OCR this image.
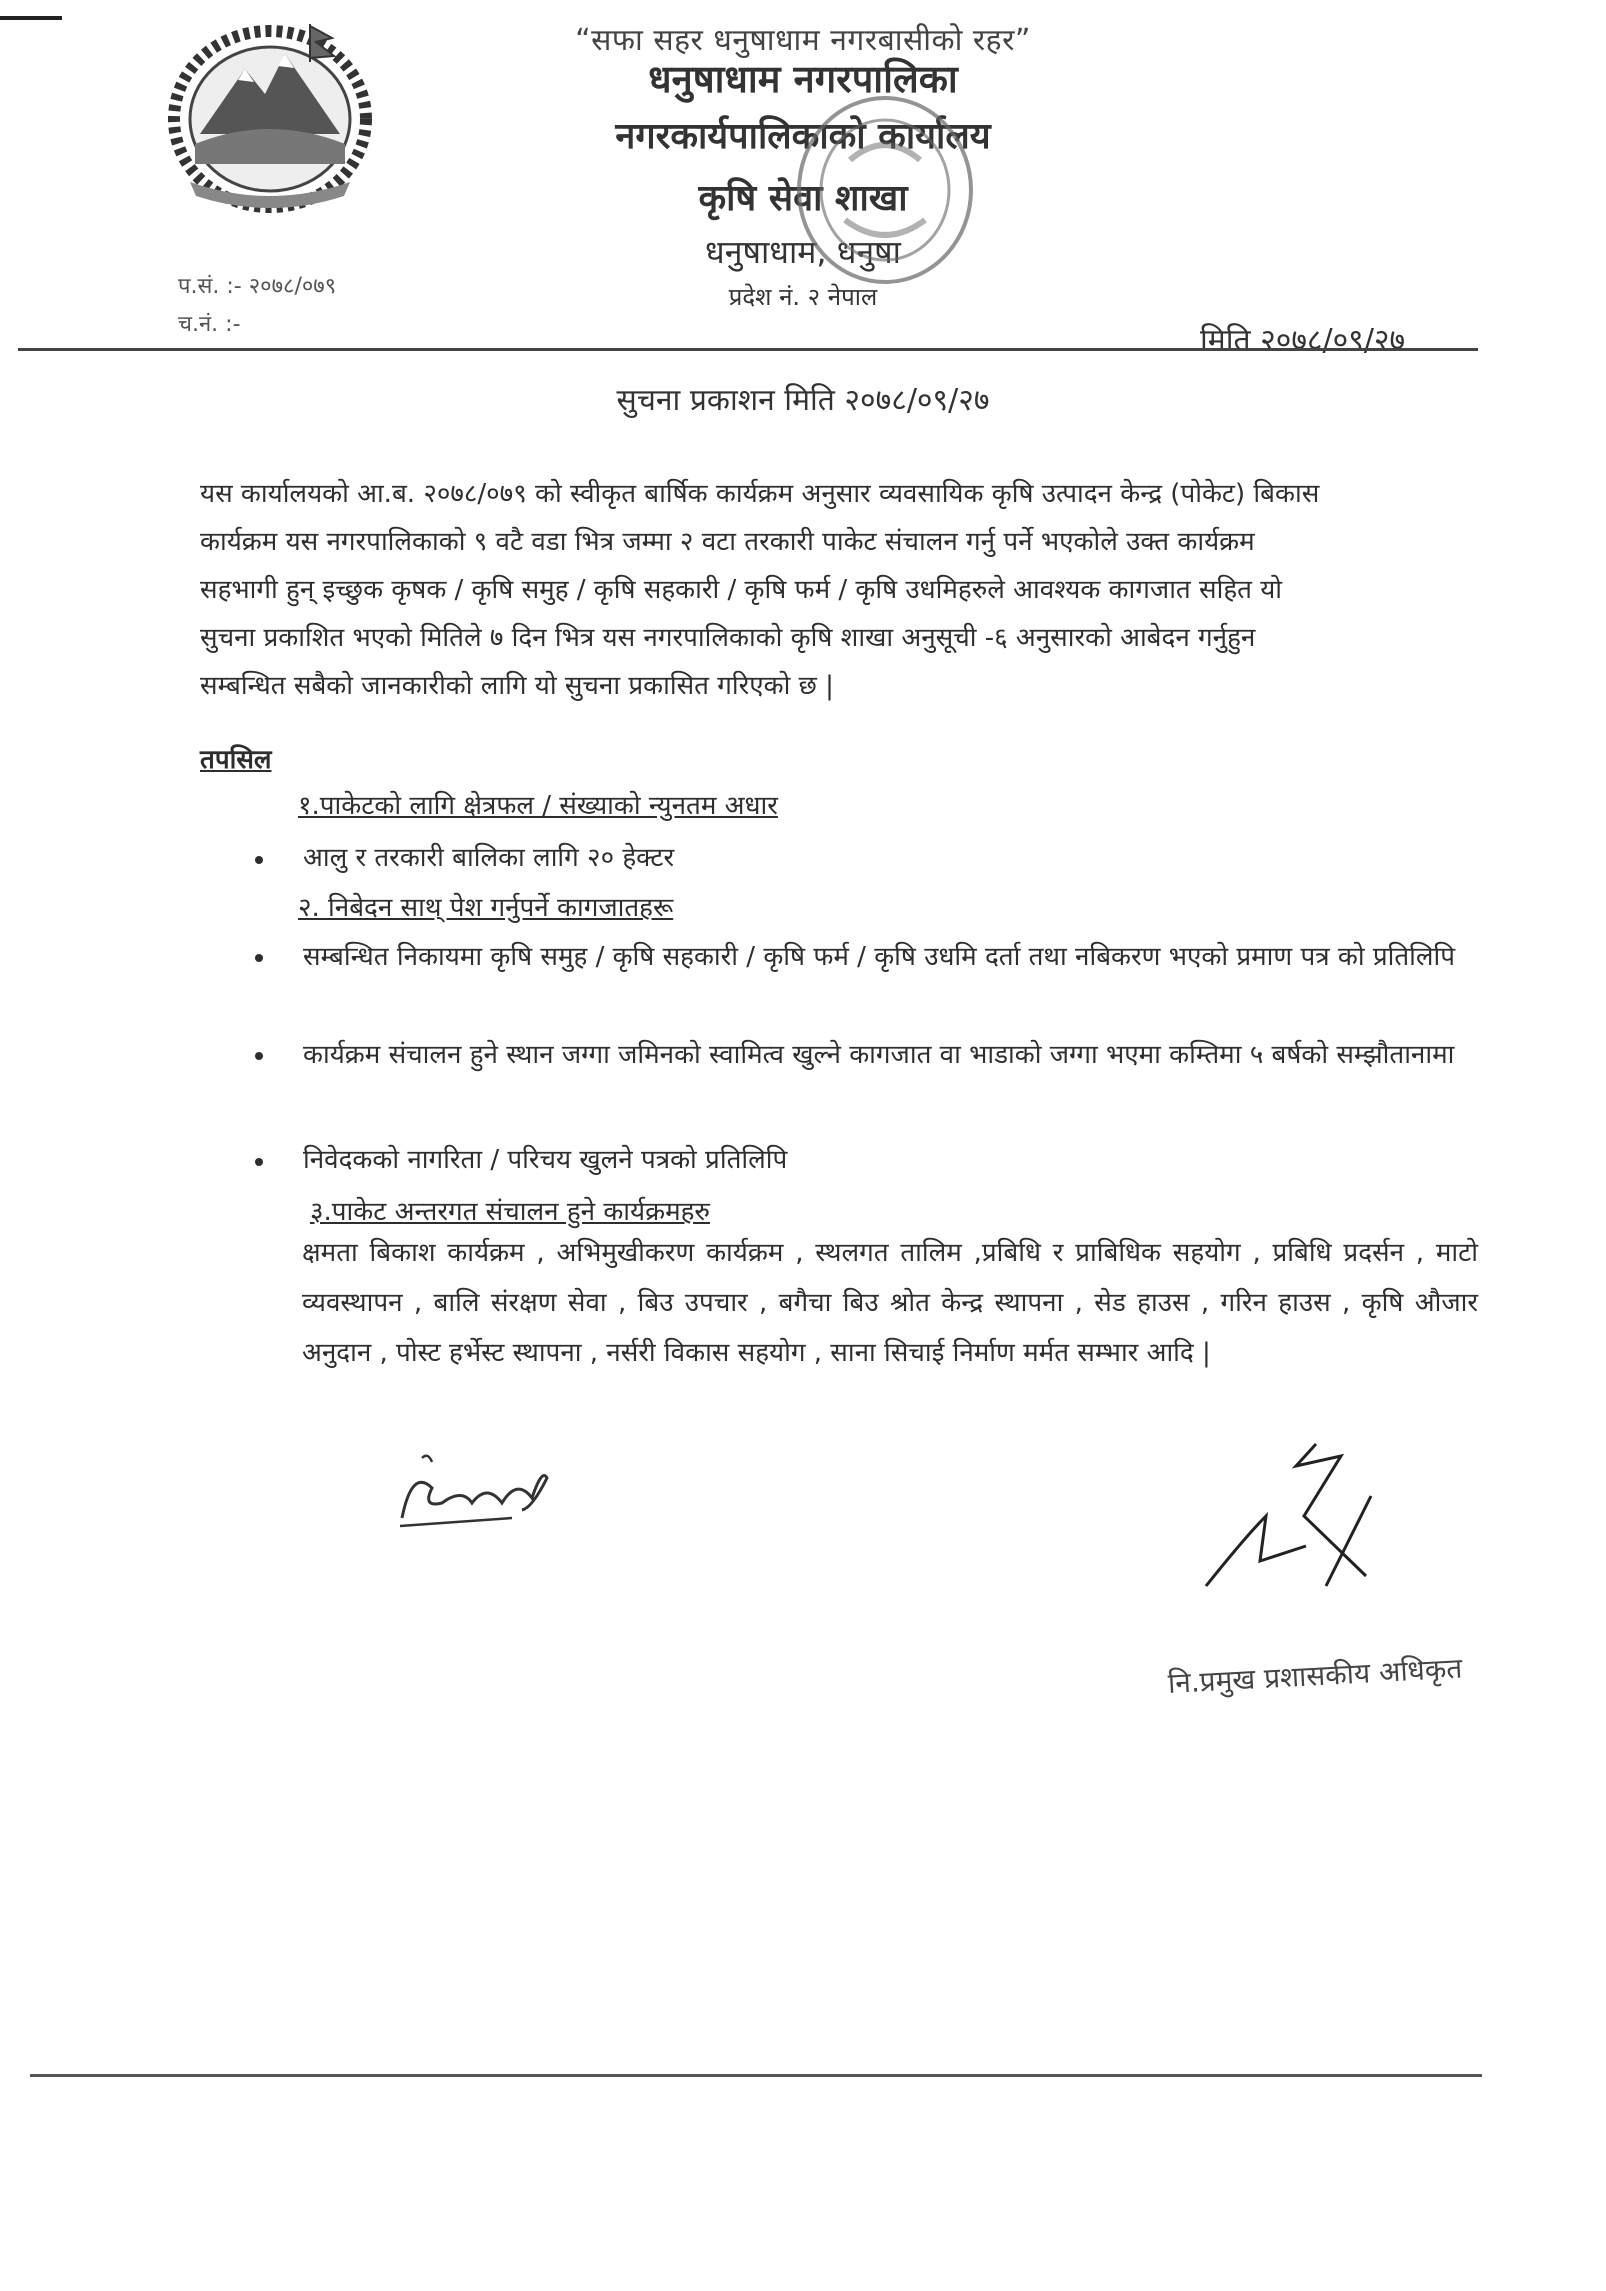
“सफा सहर धनुषाधाम नगरबासीको रहर”
धनुषाधाम नगरपालिका
नगरकार्यपालिकाको कार्यालय
कृषि सेवा शाखा
धनुषाधाम, धनुषा
प्रदेश नं. २ नेपाल
प.सं. :- २०७८/०७९
च.नं. :-	मिति २०७८/०९/२७
सुचना प्रकाशन मिति २०७८/०९/२७
यस कार्यालयको आ.ब. २०७८/०७९ को स्वीकृत बार्षिक कार्यक्रम अनुसार व्यवसायिक कृषि उत्पादन केन्द्र (पोकेट) बिकास
कार्यक्रम यस नगरपालिकाको ९ वटै वडा भित्र जम्मा २ वटा तरकारी पाकेट संचालन गर्नु पर्ने भएकोले उक्त कार्यक्रम
सहभागी हुन् इच्छुक कृषक / कृषि समुह / कृषि सहकारी / कृषि फर्म / कृषि उधमिहरुले आवश्यक कागजात सहित यो
सुचना प्रकाशित भएको मितिले ७ दिन भित्र यस नगरपालिकाको कृषि शाखा अनुसूची -६ अनुसारको आबेदन गर्नुहुन
सम्बन्धित सबैको जानकारीको लागि यो सुचना प्रकासित गरिएको छ |
तपसिल
१.पाकेटको लागि क्षेत्रफल / संख्याको न्युनतम अधार
आलु र तरकारी बालिका लागि २० हेक्टर
२. निबेदन साथ् पेश गर्नुपर्ने कागजातहरू
सम्बन्धित निकायमा कृषि समुह / कृषि सहकारी / कृषि फर्म / कृषि उधमि दर्ता तथा नबिकरण भएको प्रमाण पत्र को प्रतिलिपि
कार्यक्रम संचालन हुने स्थान जग्गा जमिनको स्वामित्व खुल्ने कागजात वा भाडाको जग्गा भएमा कम्तिमा ५ बर्षको सम्झौतानामा
निवेदकको नागरिता / परिचय खुलने पत्रको प्रतिलिपि
३.पाकेट अन्तरगत संचालन हुने कार्यक्रमहरु
क्षमता बिकाश कार्यक्रम , अभिमुखीकरण कार्यक्रम , स्थलगत तालिम ,प्रबिधि र प्राबिधिक सहयोग , प्रबिधि प्रदर्सन , माटो व्यवस्थापन , बालि संरक्षण सेवा , बिउ उपचार , बगैचा बिउ श्रोत केन्द्र स्थापना , सेड हाउस , गरिन हाउस , कृषि औजार अनुदान , पोस्ट हर्भेस्ट स्थापना , नर्सरी विकास सहयोग , साना सिचाई निर्माण मर्मत सम्भार आदि |
नि.प्रमुख प्रशासकीय अधिकृत
